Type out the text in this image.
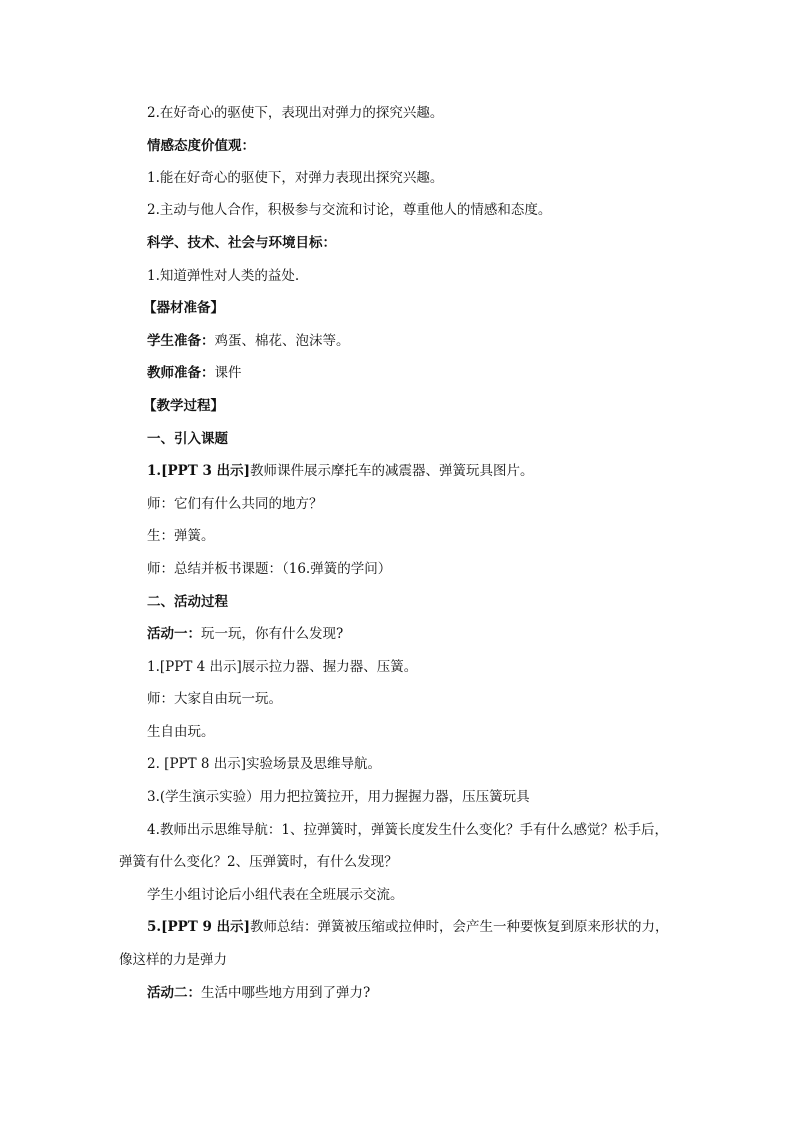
2.在好奇心的驱使下，表现出对弹力的探究兴趣。
情感态度价值观：
1.能在好奇心的驱使下，对弹力表现出探究兴趣。
2.主动与他人合作，积极参与交流和讨论，尊重他人的情感和态度。
科学、技术、社会与环境目标：
1.知道弹性对人类的益处.
【器材准备】
学生准备：鸡蛋、棉花、泡沫等。
教师准备：课件
【教学过程】
一、引入课题
1.[PPT 3 出示]教师课件展示摩托车的减震器、弹簧玩具图片。
师：它们有什么共同的地方？
生：弹簧。
师：总结并板书课题：（16.弹簧的学问）
二、活动过程
活动一：玩一玩，你有什么发现?
1.[PPT 4 出示]展示拉力器、握力器、压簧。
师：大家自由玩一玩。
生自由玩。
2. [PPT 8 出示]实验场景及思维导航。
3.(学生演示实验）用力把拉簧拉开，用力握握力器，压压簧玩具
4.教师出示思维导航：1、拉弹簧时，弹簧长度发生什么变化？手有什么感觉？松手后，
弹簧有什么变化？2、压弹簧时，有什么发现？
学生小组讨论后小组代表在全班展示交流。
5.[PPT 9 出示]教师总结：弹簧被压缩或拉伸时，会产生一种要恢复到原来形状的力，
像这样的力是弹力
活动二：生活中哪些地方用到了弹力?
